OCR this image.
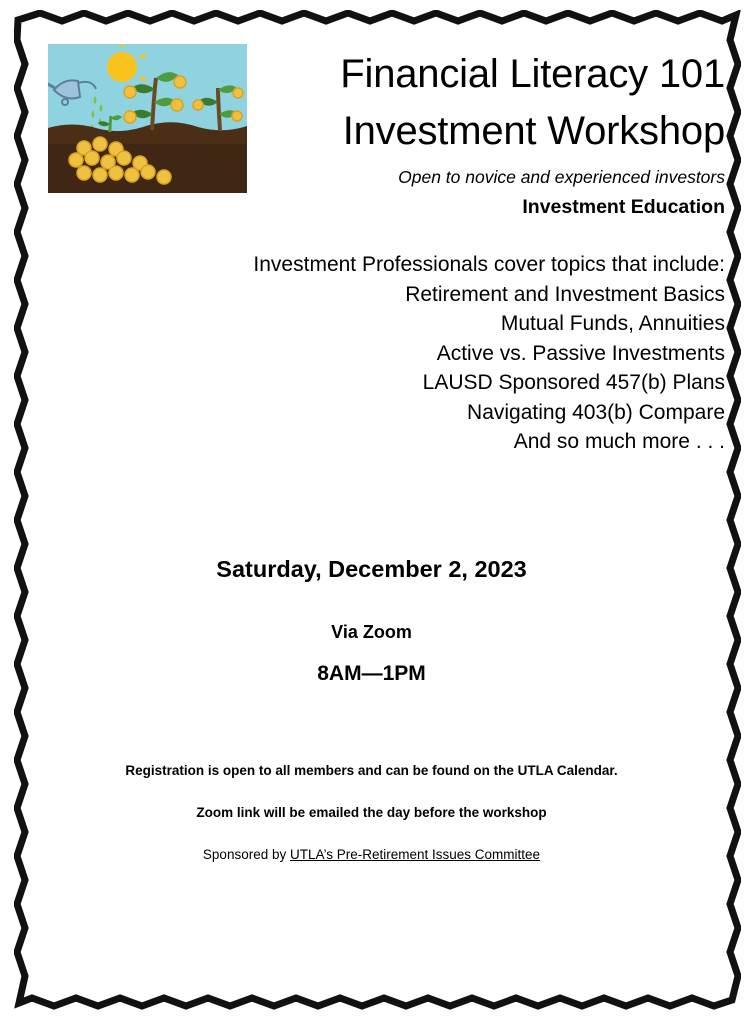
Financial Literacy 101
Investment Workshop
Open to novice and experienced investors
Investment Education
Investment Professionals cover topics that include:
Retirement and Investment Basics
Mutual Funds, Annuities
Active vs. Passive Investments
LAUSD Sponsored 457(b) Plans
Navigating 403(b) Compare
And so much more . . .
Saturday, December 2, 2023
Via Zoom
8AM—1PM
Registration is open to all members and can be found on the UTLA Calendar.
Zoom link will be emailed the day before the workshop
Sponsored by UTLA’s Pre-Retirement Issues Committee
